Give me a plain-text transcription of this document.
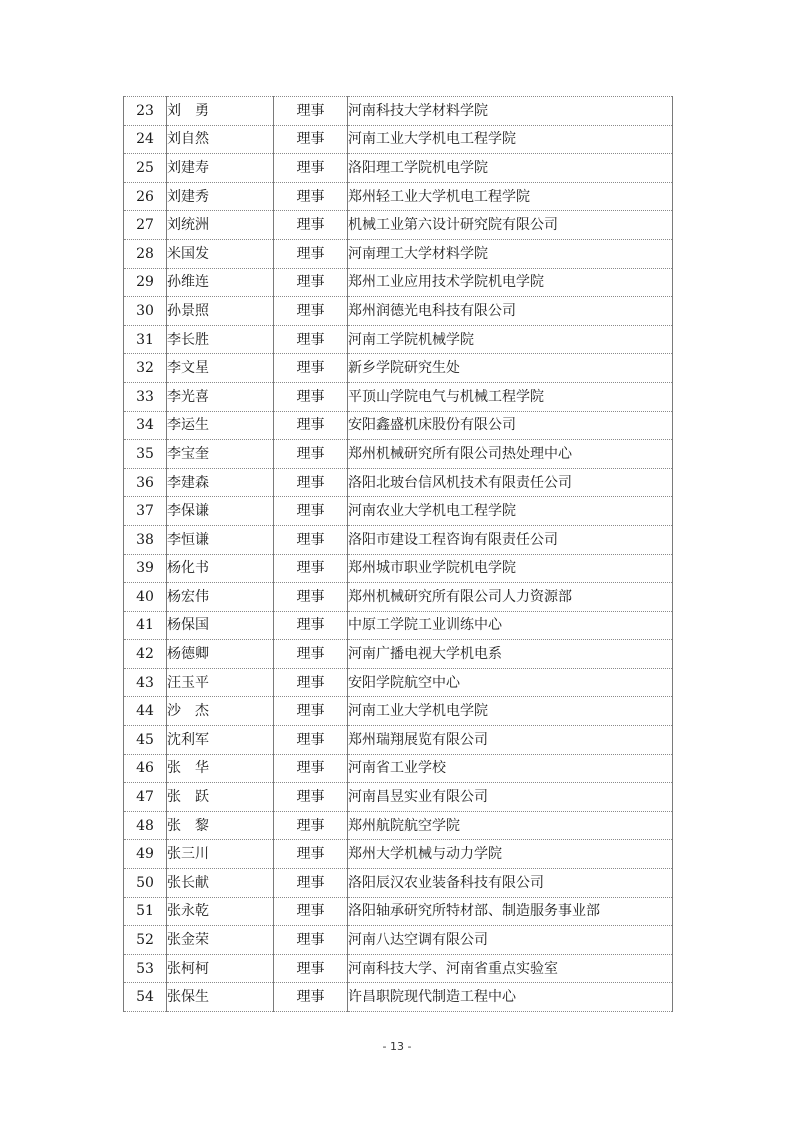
23	刘　勇	理事	河南科技大学材料学院
24	刘自然	理事	河南工业大学机电工程学院
25	刘建寿	理事	洛阳理工学院机电学院
26	刘建秀	理事	郑州轻工业大学机电工程学院
27	刘统洲	理事	机械工业第六设计研究院有限公司
28	米国发	理事	河南理工大学材料学院
29	孙维连	理事	郑州工业应用技术学院机电学院
30	孙景照	理事	郑州润德光电科技有限公司
31	李长胜	理事	河南工学院机械学院
32	李文星	理事	新乡学院研究生处
33	李光喜	理事	平顶山学院电气与机械工程学院
34	李运生	理事	安阳鑫盛机床股份有限公司
35	李宝奎	理事	郑州机械研究所有限公司热处理中心
36	李建森	理事	洛阳北玻台信风机技术有限责任公司
37	李保谦	理事	河南农业大学机电工程学院
38	李恒谦	理事	洛阳市建设工程咨询有限责任公司
39	杨化书	理事	郑州城市职业学院机电学院
40	杨宏伟	理事	郑州机械研究所有限公司人力资源部
41	杨保国	理事	中原工学院工业训练中心
42	杨德卿	理事	河南广播电视大学机电系
43	汪玉平	理事	安阳学院航空中心
44	沙　杰	理事	河南工业大学机电学院
45	沈利军	理事	郑州瑞翔展览有限公司
46	张　华	理事	河南省工业学校
47	张　跃	理事	河南昌昱实业有限公司
48	张　黎	理事	郑州航院航空学院
49	张三川	理事	郑州大学机械与动力学院
50	张长献	理事	洛阳辰汉农业装备科技有限公司
51	张永乾	理事	洛阳轴承研究所特材部、制造服务事业部
52	张金荣	理事	河南八达空调有限公司
53	张柯柯	理事	河南科技大学、河南省重点实验室
54	张保生	理事	许昌职院现代制造工程中心
- 13 -
